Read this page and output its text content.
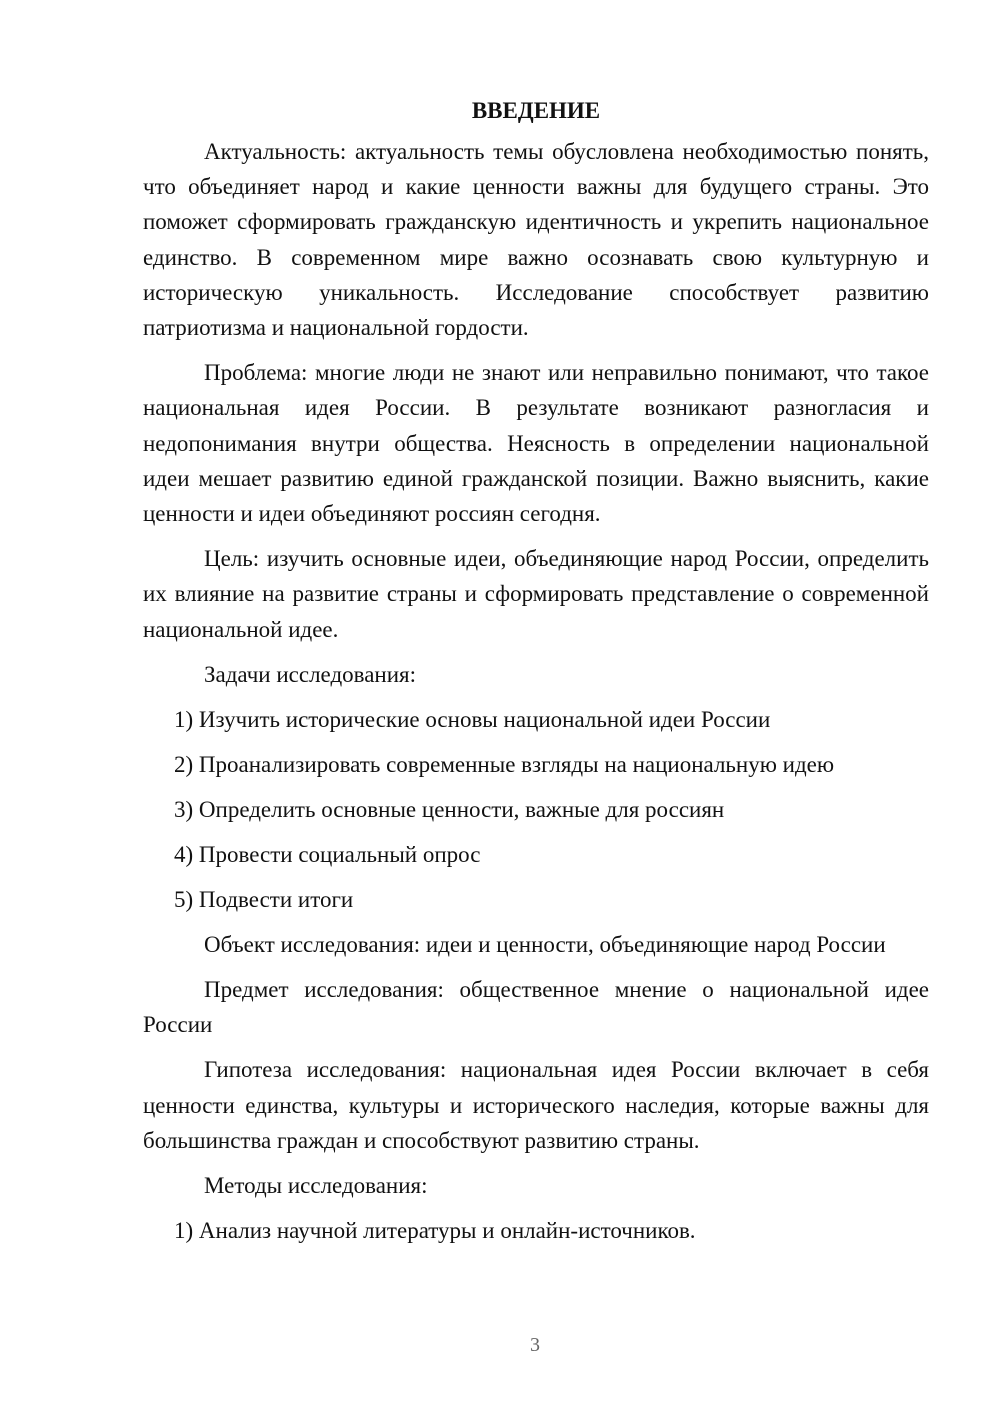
ВВЕДЕНИЕ

Актуальность: актуальность темы обусловлена необходимостью понять, что объединяет народ и какие ценности важны для будущего страны. Это поможет сформировать гражданскую идентичность и укрепить национальное единство. В современном мире важно осознавать свою культурную и историческую уникальность. Исследование способствует развитию патриотизма и национальной гордости.

Проблема: многие люди не знают или неправильно понимают, что такое национальная идея России. В результате возникают разногласия и недопонимания внутри общества. Неясность в определении национальной идеи мешает развитию единой гражданской позиции. Важно выяснить, какие ценности и идеи объединяют россиян сегодня.

Цель: изучить основные идеи, объединяющие народ России, определить их влияние на развитие страны и сформировать представление о современной национальной идее.

Задачи исследования:
1) Изучить исторические основы национальной идеи России
2) Проанализировать современные взгляды на национальную идею
3) Определить основные ценности, важные для россиян
4) Провести социальный опрос
5) Подвести итоги

Объект исследования: идеи и ценности, объединяющие народ России

Предмет исследования: общественное мнение о национальной идее России

Гипотеза исследования: национальная идея России включает в себя ценности единства, культуры и исторического наследия, которые важны для большинства граждан и способствуют развитию страны.

Методы исследования:
1) Анализ научной литературы и онлайн-источников.
3
